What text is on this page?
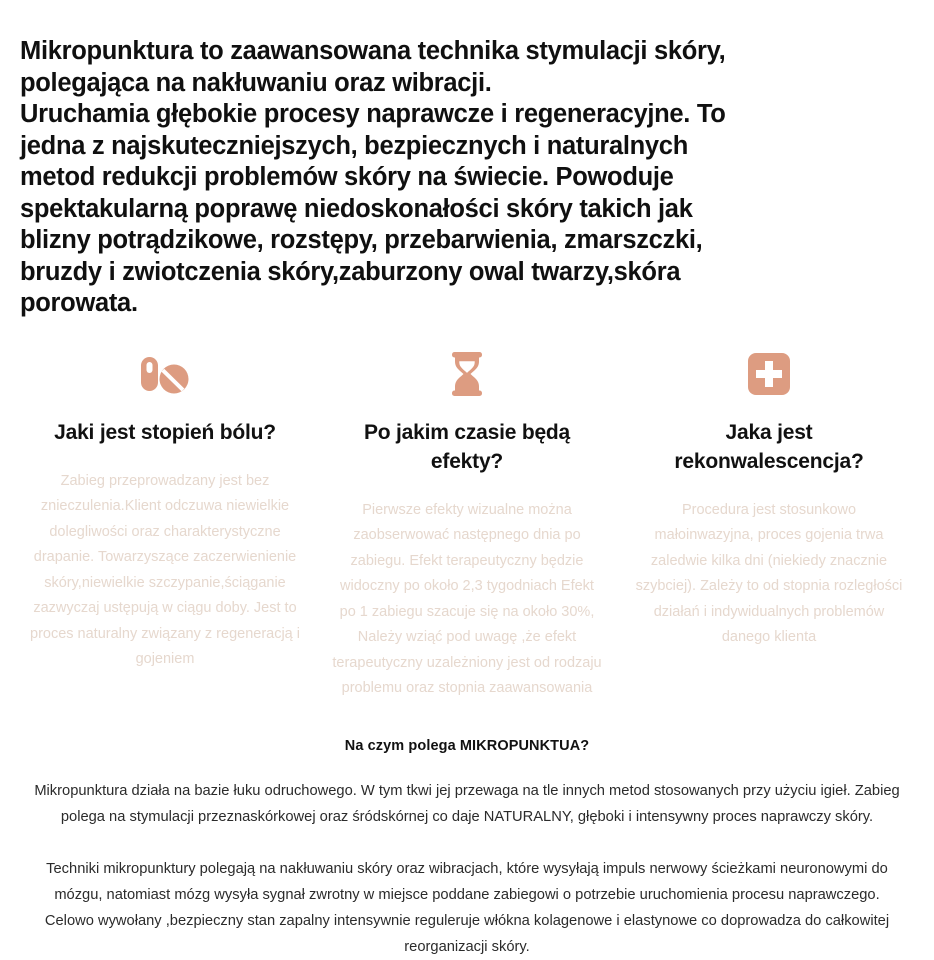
Mikropunktura to zaawansowana technika stymulacji skóry,
polegająca na nakłuwaniu oraz wibracji.
Uruchamia głębokie procesy naprawcze i regeneracyjne. To
jedna z najskuteczniejszych, bezpiecznych i naturalnych
metod redukcji problemów skóry na świecie. Powoduje
spektakularną poprawę niedoskonałości skóry takich jak
blizny potrądzikowe, rozstępy, przebarwienia, zmarszczki,
bruzdy i zwiotczenia skóry,zaburzony owal twarzy,skóra
porowata.
Jaki jest stopień bólu?
Zabieg przeprowadzany jest bez znieczulenia.Klient odczuwa niewielkie dolegliwości oraz charakterystyczne drapanie. Towarzyszące zaczerwienienie skóry,niewielkie szczypanie,ściąganie zazwyczaj ustępują w ciągu doby. Jest to proces naturalny związany z regeneracją i gojeniem
Po jakim czasie będą efekty?
Pierwsze efekty wizualne można zaobserwować następnego dnia po zabiegu. Efekt terapeutyczny będzie widoczny po około 2,3 tygodniach Efekt po 1 zabiegu szacuje się na około 30%, Należy wziąć pod uwagę ,że efekt terapeutyczny uzależniony jest od rodzaju problemu oraz stopnia zaawansowania
Jaka jest rekonwalescencja?
Procedura jest stosunkowo małoinwazyjna, proces gojenia trwa zaledwie kilka dni (niekiedy znacznie szybciej). Zależy to od stopnia rozległości działań i indywidualnych problemów danego klienta
Na czym polega MIKROPUNKTUA?

Mikropunktura działa na bazie łuku odruchowego. W tym tkwi jej przewaga na tle innych metod stosowanych przy użyciu igieł. Zabieg polega na stymulacji przeznaskórkowej oraz śródskórnej co daje NATURALNY, głęboki i intensywny proces naprawczy skóry.

Techniki mikropunktury polegają na nakłuwaniu skóry oraz wibracjach, które wysyłają impuls nerwowy ścieżkami neuronowymi do mózgu, natomiast mózg wysyła sygnał zwrotny w miejsce poddane zabiegowi o potrzebie uruchomienia procesu naprawczego. Celowo wywołany ,bezpieczny stan zapalny intensywnie reguleruje włókna kolagenowe i elastynowe co doprowadza do całkowitej reorganizacji skóry.
